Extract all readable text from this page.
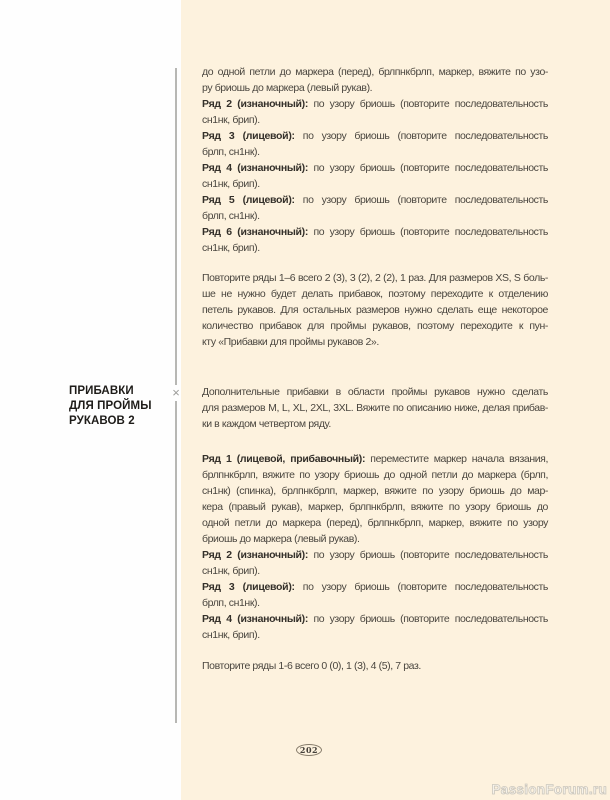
×
ПРИБАВКИ
ДЛЯ ПРОЙМЫ
РУКАВОВ 2
до одной петли до маркера (перед), брлпнкбрлп, маркер, вяжите по узо-
ру бриошь до маркера (левый рукав).
Ряд 2 (изнаночный): по узору бриошь (повторите последовательность
сн1нк, брип).
Ряд 3 (лицевой): по узору бриошь (повторите последовательность
брлп, сн1нк).
Ряд 4 (изнаночный): по узору бриошь (повторите последовательность
сн1нк, брип).
Ряд 5 (лицевой): по узору бриошь (повторите последовательность
брлп, сн1нк).
Ряд 6 (изнаночный): по узору бриошь (повторите последовательность
сн1нк, брип).
Повторите ряды 1–6 всего 2 (3), 3 (2), 2 (2), 1 раз. Для размеров XS, S боль-
ше не нужно будет делать прибавок, поэтому переходите к отделению
петель рукавов. Для остальных размеров нужно сделать еще некоторое
количество прибавок для проймы рукавов, поэтому переходите к пун-
кту «Прибавки для проймы рукавов 2».
Дополнительные прибавки в области проймы рукавов нужно сделать
для размеров M, L, XL, 2XL, 3XL. Вяжите по описанию ниже, делая прибав-
ки в каждом четвертом ряду.
Ряд 1 (лицевой, прибавочный): переместите маркер начала вязания,
брлпнкбрлп, вяжите по узору бриошь до одной петли до маркера (брлп,
сн1нк) (спинка), брлпнкбрлп, маркер, вяжите по узору бриошь до мар-
кера (правый рукав), маркер, брлпнкбрлп, вяжите по узору бриошь до
одной петли до маркера (перед), брлпнкбрлп, маркер, вяжите по узору
бриошь до маркера (левый рукав).
Ряд 2 (изнаночный): по узору бриошь (повторите последовательность
сн1нк, брип).
Ряд 3 (лицевой): по узору бриошь (повторите последовательность
брлп, сн1нк).
Ряд 4 (изнаночный): по узору бриошь (повторите последовательность
сн1нк, брип).
Повторите ряды 1-6 всего 0 (0), 1 (3), 4 (5), 7 раз.
202
PassionForum.ru
